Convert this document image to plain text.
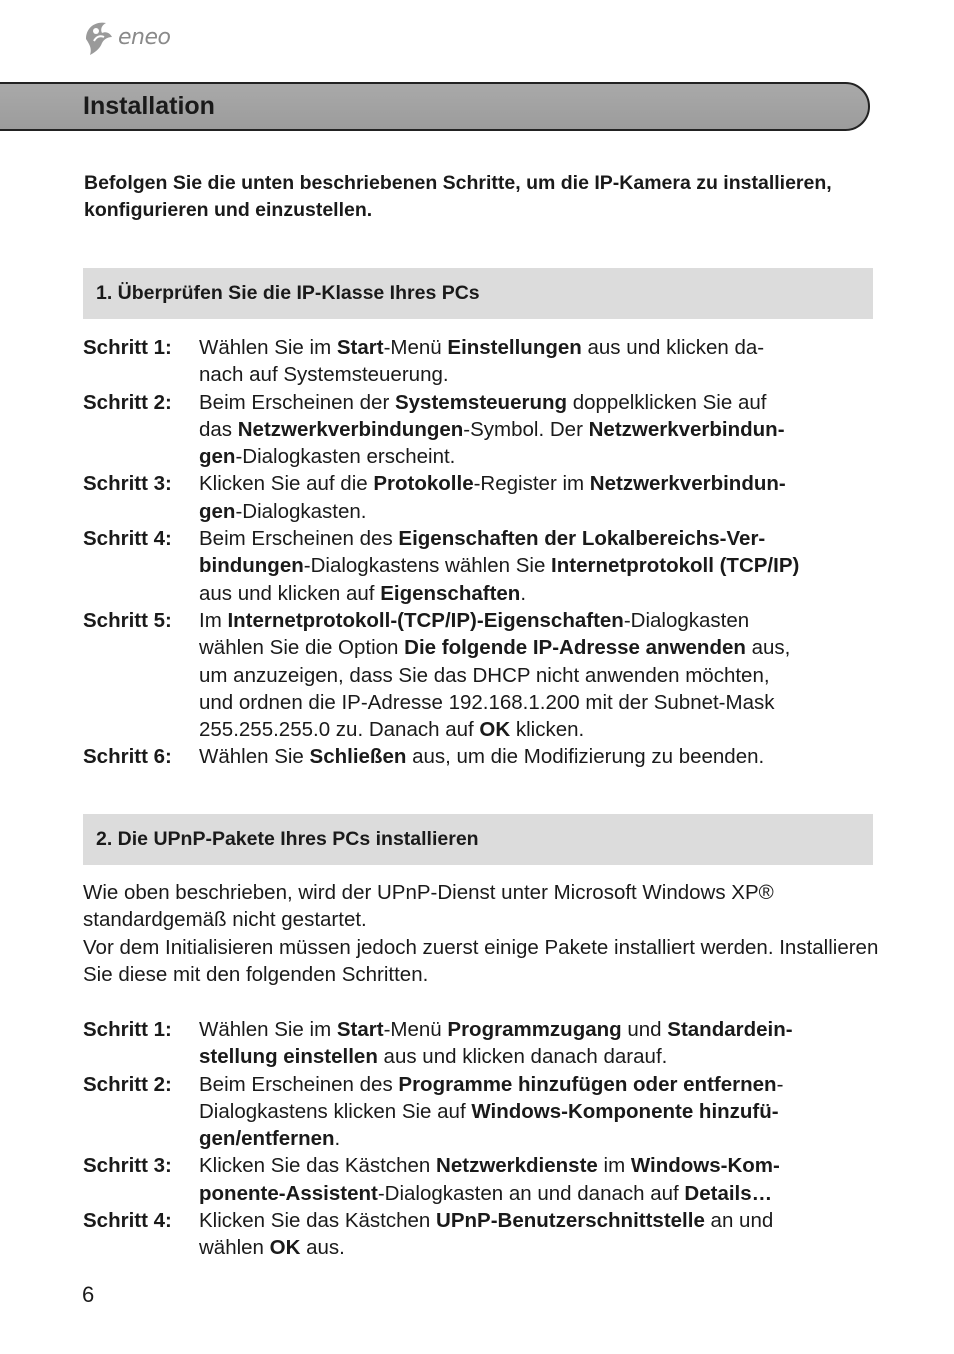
eneo
Installation
Befolgen Sie die unten beschriebenen Schritte, um die IP-Kamera zu installieren, konfigurieren und einzustellen.
1. Überprüfen Sie die IP-Klasse Ihres PCs
Schritt 1:	Wählen Sie im Start-Menü Einstellungen aus und klicken da-
nach auf Systemsteuerung.
Schritt 2:	Beim Erscheinen der Systemsteuerung doppelklicken Sie auf
das Netzwerkverbindungen-Symbol. Der Netzwerkverbindun-
gen-Dialogkasten erscheint.
Schritt 3:	Klicken Sie auf die Protokolle-Register im Netzwerkverbindun-
gen-Dialogkasten.
Schritt 4:	Beim Erscheinen des Eigenschaften der Lokalbereichs-Ver-
bindungen-Dialogkastens wählen Sie Internetprotokoll (TCP/IP)
aus und klicken auf Eigenschaften.
Schritt 5:	Im Internetprotokoll-(TCP/IP)-Eigenschaften-Dialogkasten
wählen Sie die Option Die folgende IP-Adresse anwenden aus,
um anzuzeigen, dass Sie das DHCP nicht anwenden möchten,
und ordnen die IP-Adresse 192.168.1.200 mit der Subnet-Mask
255.255.255.0 zu. Danach auf OK klicken.
Schritt 6:	Wählen Sie Schließen aus, um die Modifizierung zu beenden.
2. Die UPnP-Pakete Ihres PCs installieren
Wie oben beschrieben, wird der UPnP-Dienst unter Microsoft Windows XP® standardgemäß nicht gestartet.
Vor dem Initialisieren müssen jedoch zuerst einige Pakete installiert werden. Installieren Sie diese mit den folgenden Schritten.
Schritt 1:	Wählen Sie im Start-Menü Programmzugang und Standardein-
stellung einstellen aus und klicken danach darauf.
Schritt 2:	Beim Erscheinen des Programme hinzufügen oder entfernen-
Dialogkastens klicken Sie auf Windows-Komponente hinzufü-
gen/entfernen.
Schritt 3:	Klicken Sie das Kästchen Netzwerkdienste im Windows-Kom-
ponente-Assistent-Dialogkasten an und danach auf Details…
Schritt 4:	Klicken Sie das Kästchen UPnP-Benutzerschnittstelle an und
wählen OK aus.
6
